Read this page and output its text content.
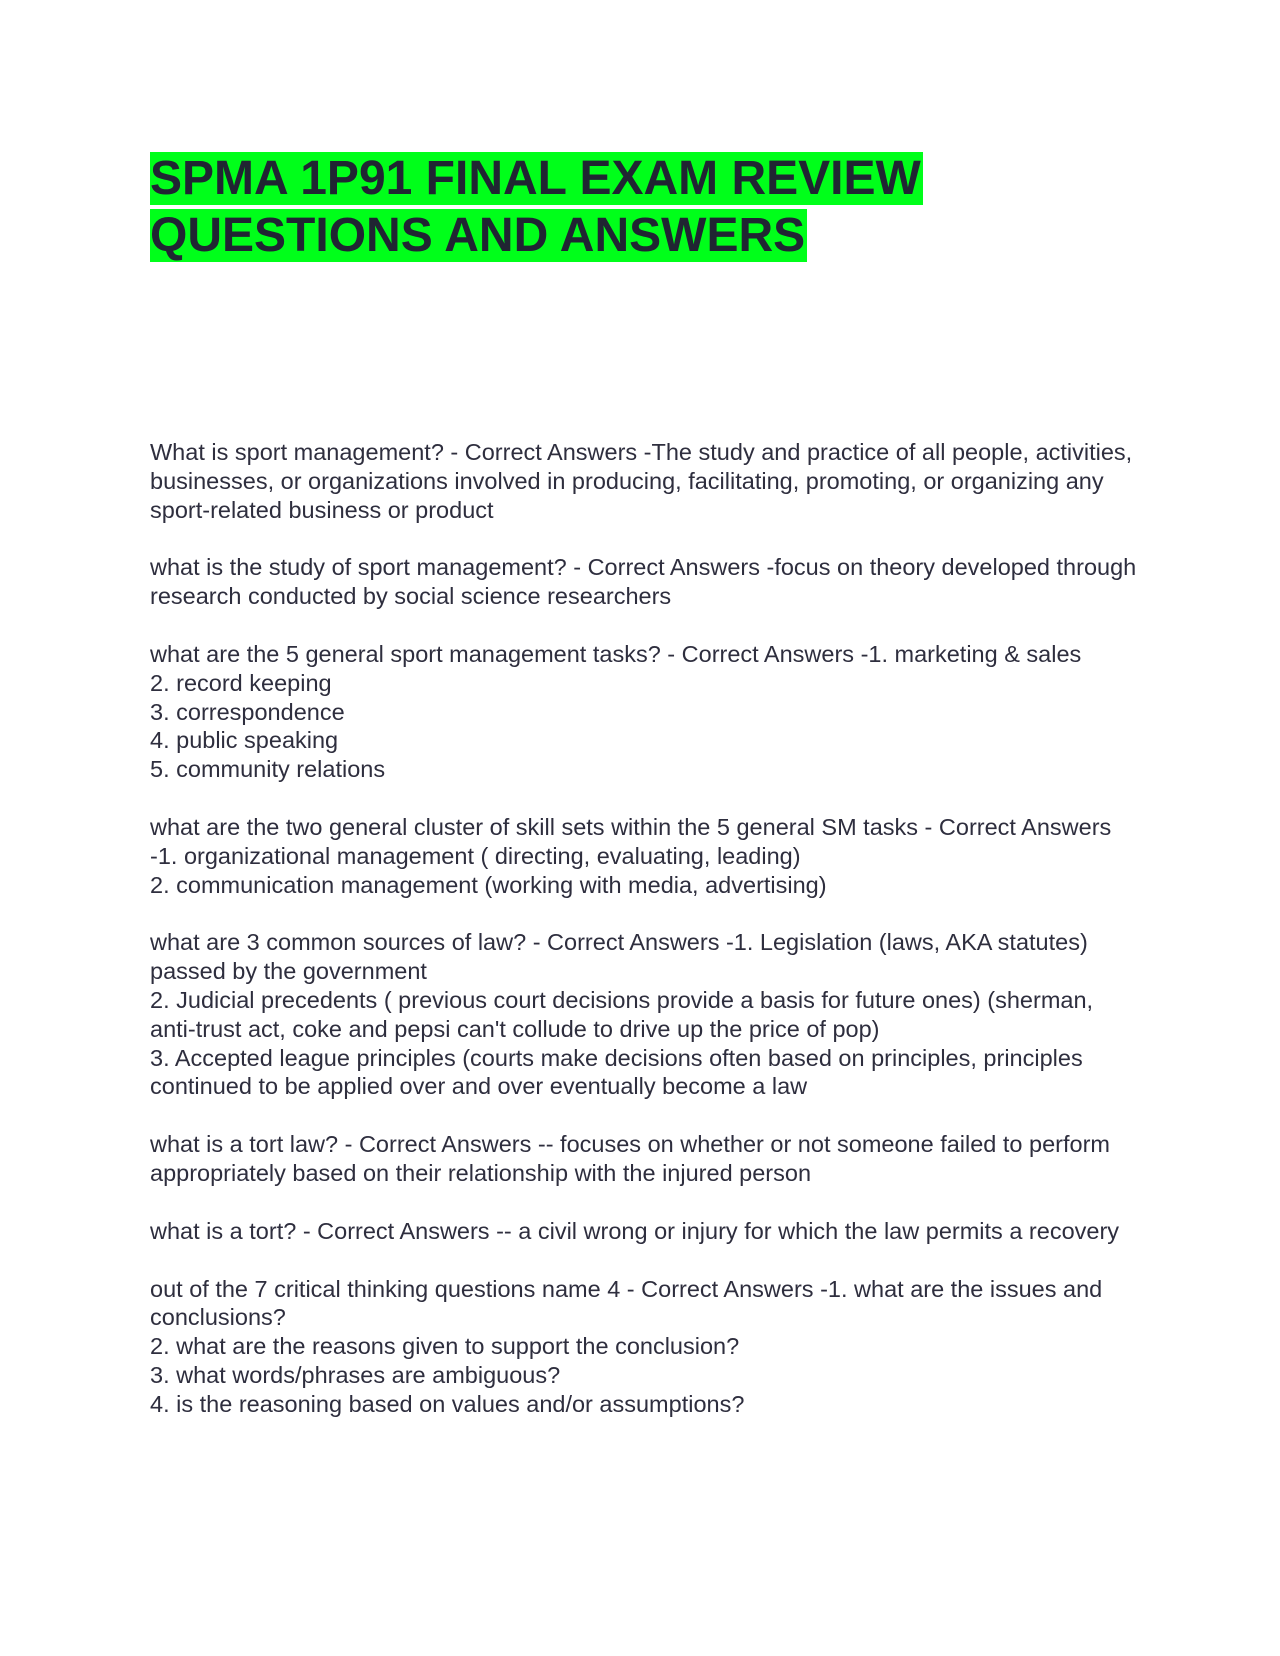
SPMA 1P91 FINAL EXAM REVIEW
QUESTIONS AND ANSWERS

What is sport management? - Correct Answers -The study and practice of all people, activities, businesses, or organizations involved in producing, facilitating, promoting, or organizing any sport-related business or product

what is the study of sport management? - Correct Answers -focus on theory developed through research conducted by social science researchers

what are the 5 general sport management tasks? - Correct Answers -1. marketing & sales
2. record keeping
3. correspondence
4. public speaking
5. community relations

what are the two general cluster of skill sets within the 5 general SM tasks - Correct Answers -1. organizational management ( directing, evaluating, leading)
2. communication management (working with media, advertising)

what are 3 common sources of law? - Correct Answers -1. Legislation (laws, AKA statutes) passed by the government
2. Judicial precedents ( previous court decisions provide a basis for future ones) (sherman, anti-trust act, coke and pepsi can't collude to drive up the price of pop)
3. Accepted league principles (courts make decisions often based on principles, principles continued to be applied over and over eventually become a law

what is a tort law? - Correct Answers -- focuses on whether or not someone failed to perform appropriately based on their relationship with the injured person

what is a tort? - Correct Answers -- a civil wrong or injury for which the law permits a recovery

out of the 7 critical thinking questions name 4 - Correct Answers -1. what are the issues and conclusions?
2. what are the reasons given to support the conclusion?
3. what words/phrases are ambiguous?
4. is the reasoning based on values and/or assumptions?
